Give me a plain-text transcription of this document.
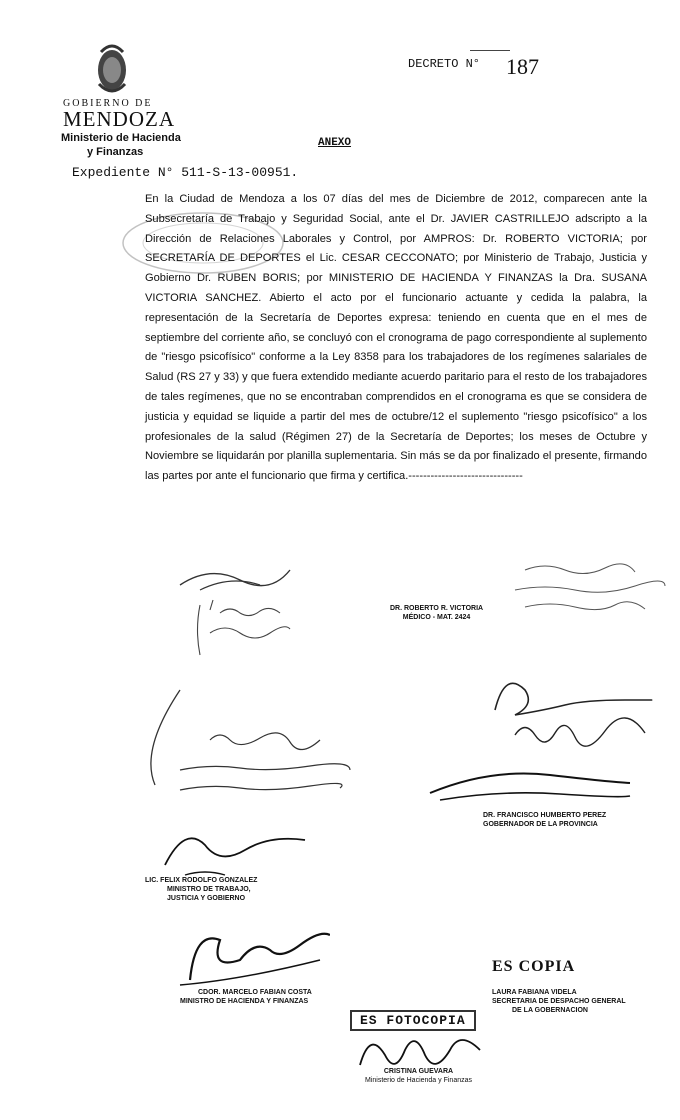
GOBIERNO DE
MENDOZA
Ministerio de Hacienda
y Finanzas
DECRETO N° 187
ANEXO
Expediente N° 511-S-13-00951.
En la Ciudad de Mendoza a los 07 días del mes de Diciembre de 2012, comparecen ante la Subsecretaría de Trabajo y Seguridad Social, ante el Dr. JAVIER CASTRILLEJO adscripto a la Dirección de Relaciones Laborales y Control, por AMPROS: Dr. ROBERTO VICTORIA; por SECRETARÍA DE DEPORTES el Lic. CESAR CECCONATO; por Ministerio de Trabajo, Justicia y Gobierno Dr. RUBEN BORIS; por MINISTERIO DE HACIENDA Y FINANZAS la Dra. SUSANA VICTORIA SANCHEZ. Abierto el acto por el funcionario actuante y cedida la palabra, la representación de la Secretaría de Deportes expresa: teniendo en cuenta que en el mes de septiembre del corriente año, se concluyó con el cronograma de pago correspondiente al suplemento de "riesgo psicofísico" conforme a la Ley 8358 para los trabajadores de los regímenes salariales de Salud (RS 27 y 33) y que fuera extendido mediante acuerdo paritario para el resto de los trabajadores de tales regímenes, que no se encontraban comprendidos en el cronograma es que se considera de justicia y equidad se liquide a partir del mes de octubre/12 el suplemento "riesgo psicofísico" a los profesionales de la salud (Régimen 27) de la Secretaría de Deportes; los meses de Octubre y Noviembre se liquidarán por planilla suplementaria. Sin más se da por finalizado el presente, firmando las partes por ante el funcionario que firma y certifica.-------------------------------
DR. ROBERTO R. VICTORIA
MÉDICO - MAT. 2424
DR. FRANCISCO HUMBERTO PEREZ
GOBERNADOR DE LA PROVINCIA
LIC. FELIX RODOLFO GONZALEZ
MINISTRO DE TRABAJO,
JUSTICIA Y GOBIERNO
CDOR. MARCELO FABIAN COSTA
MINISTRO DE HACIENDA Y FINANZAS
ES COPIA
LAURA FABIANA VIDELA
SECRETARIA DE DESPACHO GENERAL
DE LA GOBERNACION
ES FOTOCOPIA
CRISTINA GUEVARA
Ministerio de Hacienda y Finanzas
